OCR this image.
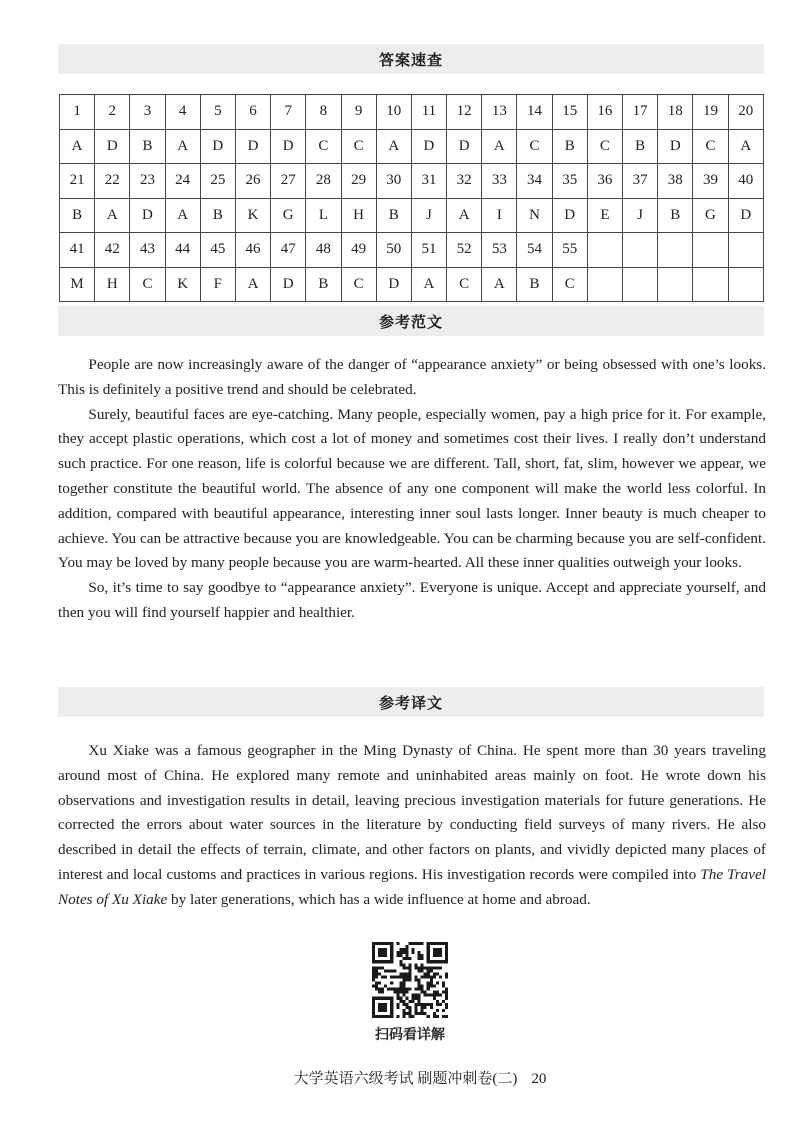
答案速查
1	2	3	4	5	6	7	8	9	10	11	12	13	14	15	16	17	18	19	20
A	D	B	A	D	D	D	C	C	A	D	D	A	C	B	C	B	D	C	A
21	22	23	24	25	26	27	28	29	30	31	32	33	34	35	36	37	38	39	40
B	A	D	A	B	K	G	L	H	B	J	A	I	N	D	E	J	B	G	D
41	42	43	44	45	46	47	48	49	50	51	52	53	54	55					
M	H	C	K	F	A	D	B	C	D	A	C	A	B	C					
参考范文

People are now increasingly aware of the danger of “appearance anxiety” or being obsessed with one’s looks. This is definitely a positive trend and should be celebrated.

Surely, beautiful faces are eye-catching. Many people, especially women, pay a high price for it. For example, they accept plastic operations, which cost a lot of money and sometimes cost their lives. I really don’t understand such practice. For one reason, life is colorful because we are different. Tall, short, fat, slim, however we appear, we together constitute the beautiful world. The absence of any one component will make the world less colorful. In addition, compared with beautiful appearance, interesting inner soul lasts longer. Inner beauty is much cheaper to achieve. You can be attractive because you are knowledgeable. You can be charming because you are self-confident. You may be loved by many people because you are warm-hearted. All these inner qualities outweigh your looks.

So, it’s time to say goodbye to “appearance anxiety”. Everyone is unique. Accept and appreciate yourself, and then you will find yourself happier and healthier.

参考译文

Xu Xiake was a famous geographer in the Ming Dynasty of China. He spent more than 30 years traveling around most of China. He explored many remote and uninhabited areas mainly on foot. He wrote down his observations and investigation results in detail, leaving precious investigation materials for future generations. He corrected the errors about water sources in the literature by conducting field surveys of many rivers. He also described in detail the effects of terrain, climate, and other factors on plants, and vividly depicted many places of interest and local customs and practices in various regions. His investigation records were compiled into The Travel Notes of Xu Xiake by later generations, which has a wide influence at home and abroad.

扫码看详解
大学英语六级考试 刷题冲刺卷(二) 20
